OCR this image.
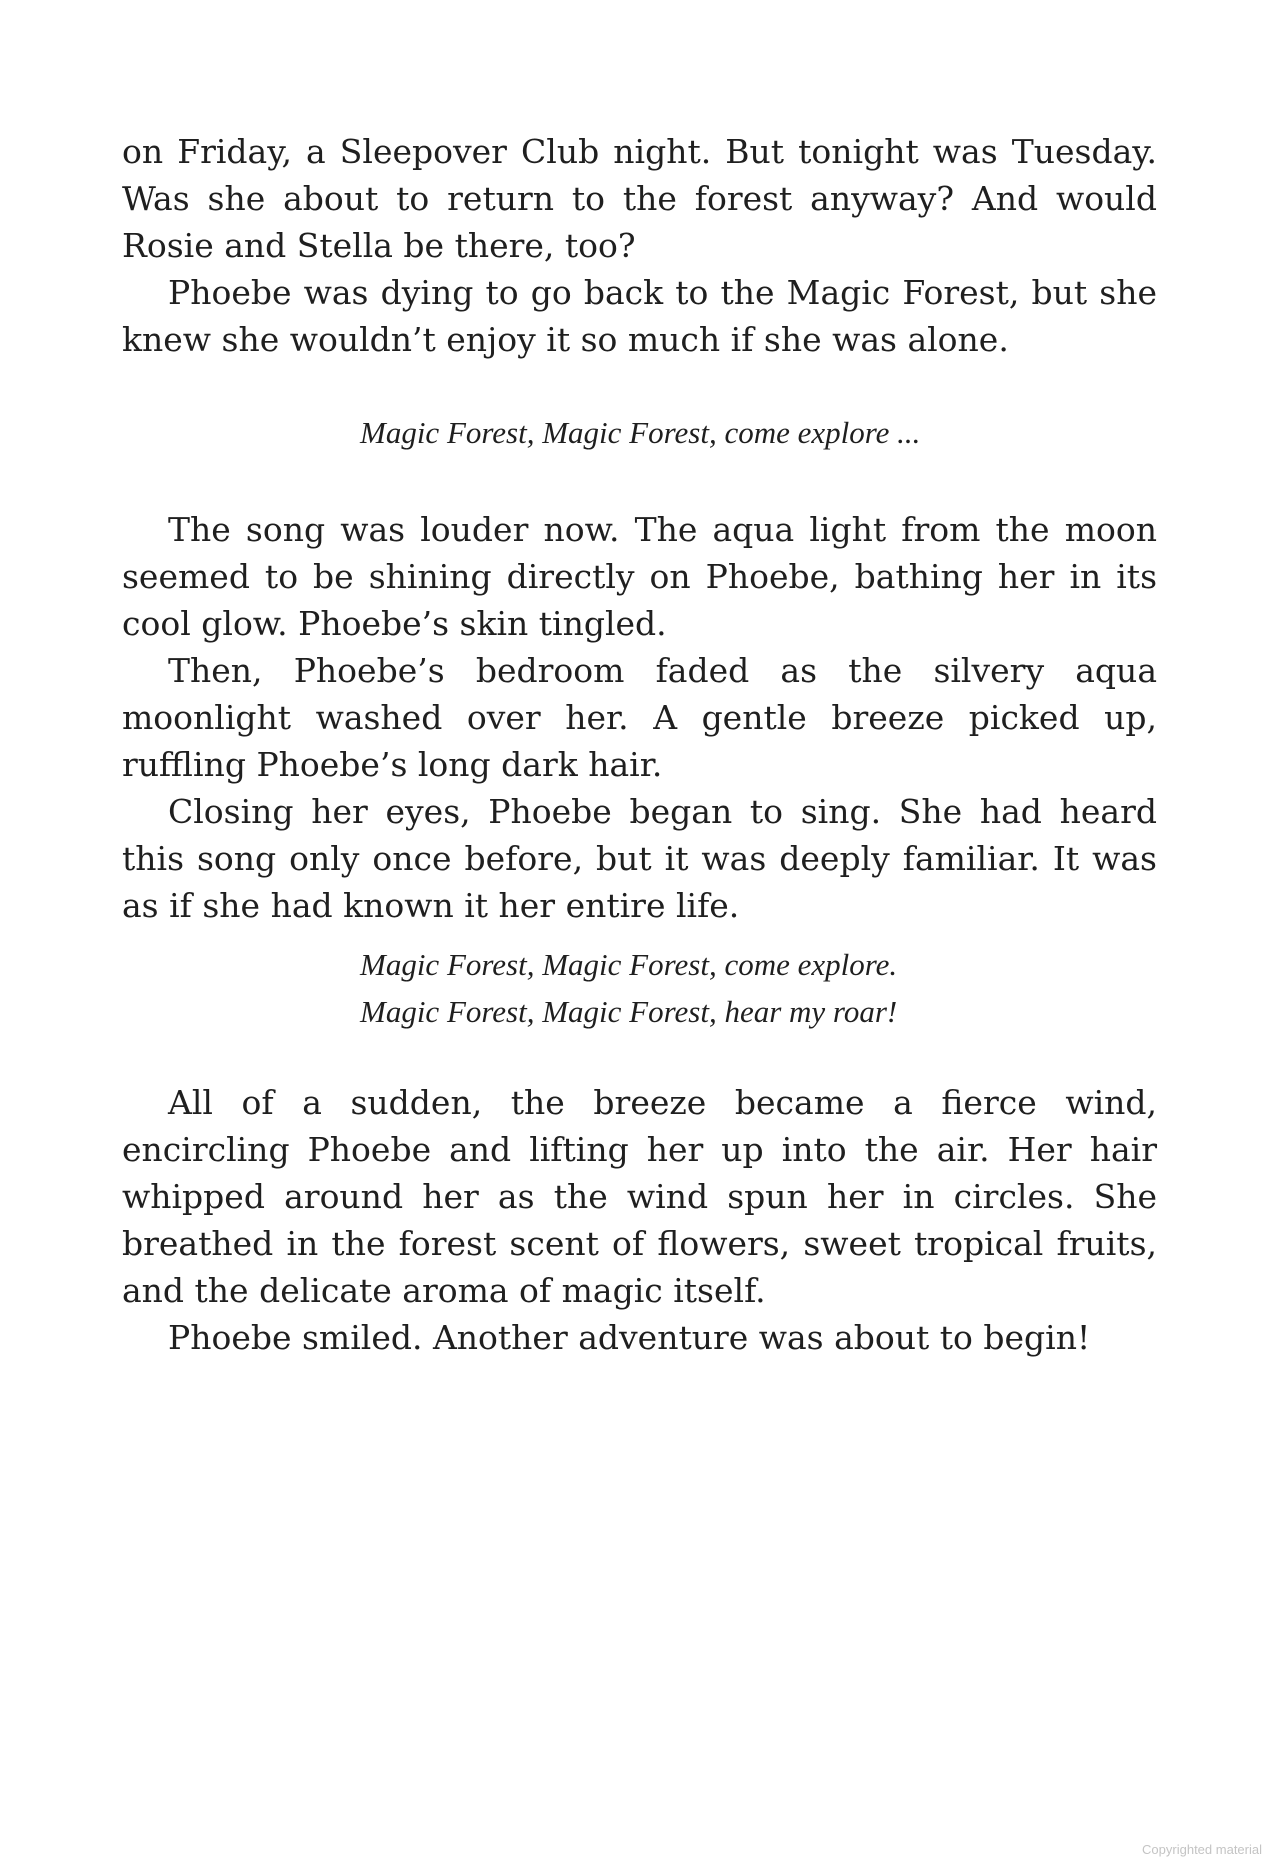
on Friday, a Sleepover Club night. But tonight was Tuesday. Was she about to return to the forest anyway? And would Rosie and Stella be there, too?

Phoebe was dying to go back to the Magic Forest, but she knew she wouldn’t enjoy it so much if she was alone.

Magic Forest, Magic Forest, come explore ...

The song was louder now. The aqua light from the moon seemed to be shining directly on Phoebe, bathing her in its cool glow. Phoebe’s skin tingled.

Then, Phoebe’s bedroom faded as the silvery aqua moonlight washed over her. A gentle breeze picked up, ruffling Phoebe’s long dark hair.

Closing her eyes, Phoebe began to sing. She had heard this song only once before, but it was deeply familiar. It was as if she had known it her entire life.

Magic Forest, Magic Forest, come explore.
Magic Forest, Magic Forest, hear my roar!

All of a sudden, the breeze became a fierce wind, encircling Phoebe and lifting her up into the air. Her hair whipped around her as the wind spun her in circles. She breathed in the forest scent of flowers, sweet tropical fruits, and the delicate aroma of magic itself.

Phoebe smiled. Another adventure was about to begin!

Copyrighted material
